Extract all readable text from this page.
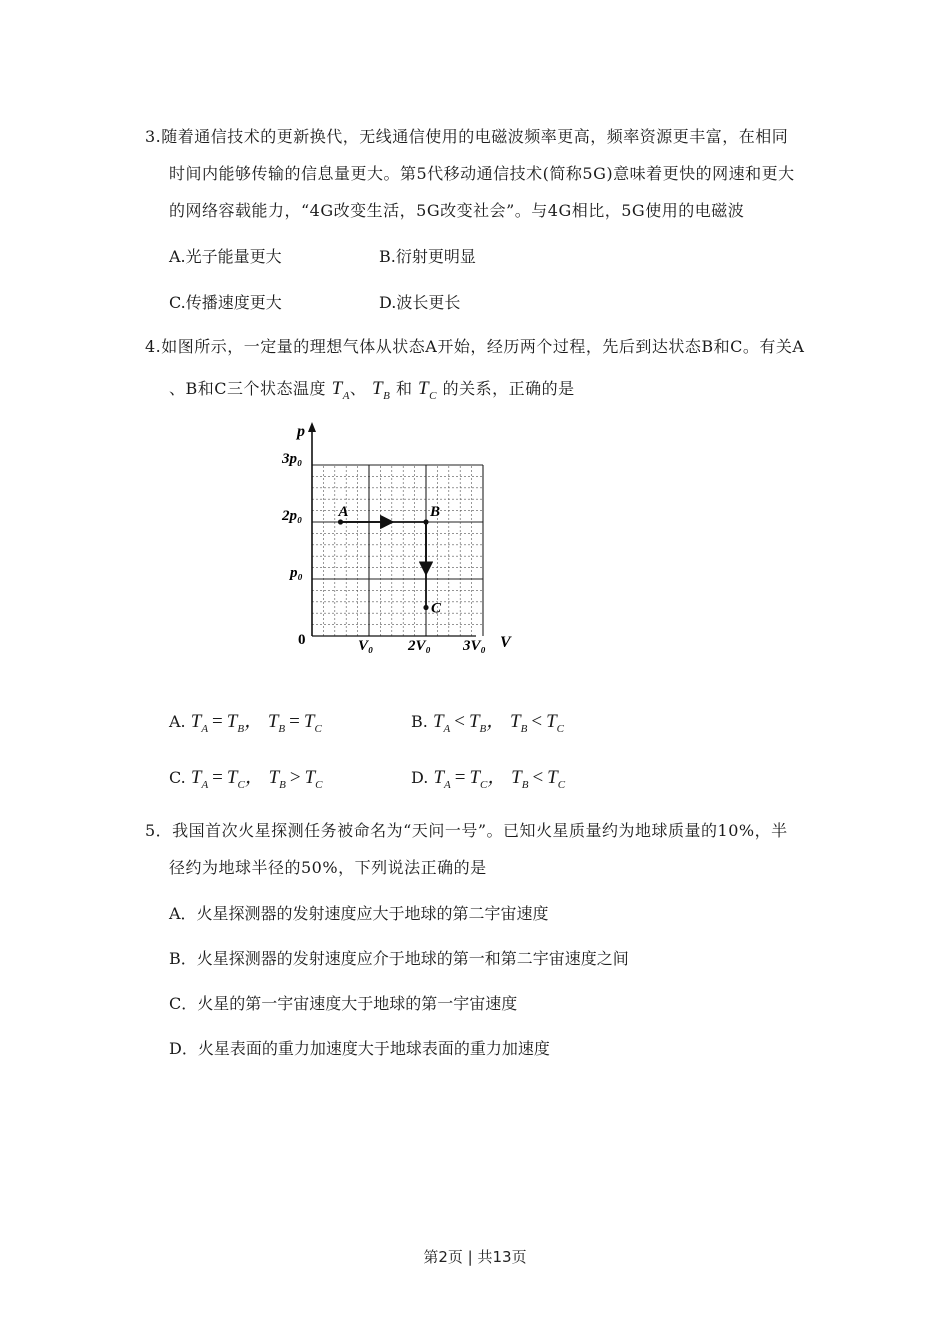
3.随着通信技术的更新换代，无线通信使用的电磁波频率更高，频率资源更丰富，在相同
时间内能够传输的信息量更大。第5代移动通信技术(简称5G)意味着更快的网速和更大
的网络容载能力，“4G改变生活，5G改变社会”。与4G相比，5G使用的电磁波
A.光子能量更大	B.衍射更明显
C.传播速度更大	D.波长更长
4.如图所示，一定量的理想气体从状态A开始，经历两个过程，先后到达状态B和C。有关A
、B和C三个状态温度 $T_A$、 $T_B$ 和 $T_C$ 的关系，正确的是
p
V
0
3p₀
2p₀
p₀
V₀ 2V₀ 3V₀
A	B
C
A. $T_A = T_B$， $T_B = T_C$	B. $T_A < T_B$， $T_B < T_C$
C. $T_A = T_C$， $T_B > T_C$	D. $T_A = T_C$， $T_B < T_C$
5．我国首次火星探测任务被命名为“天问一号”。已知火星质量约为地球质量的10%，半
径约为地球半径的50%，下列说法正确的是
A．火星探测器的发射速度应大于地球的第二宇宙速度
B．火星探测器的发射速度应介于地球的第一和第二宇宙速度之间
C．火星的第一宇宙速度大于地球的第一宇宙速度
D．火星表面的重力加速度大于地球表面的重力加速度
第2页 | 共13页
